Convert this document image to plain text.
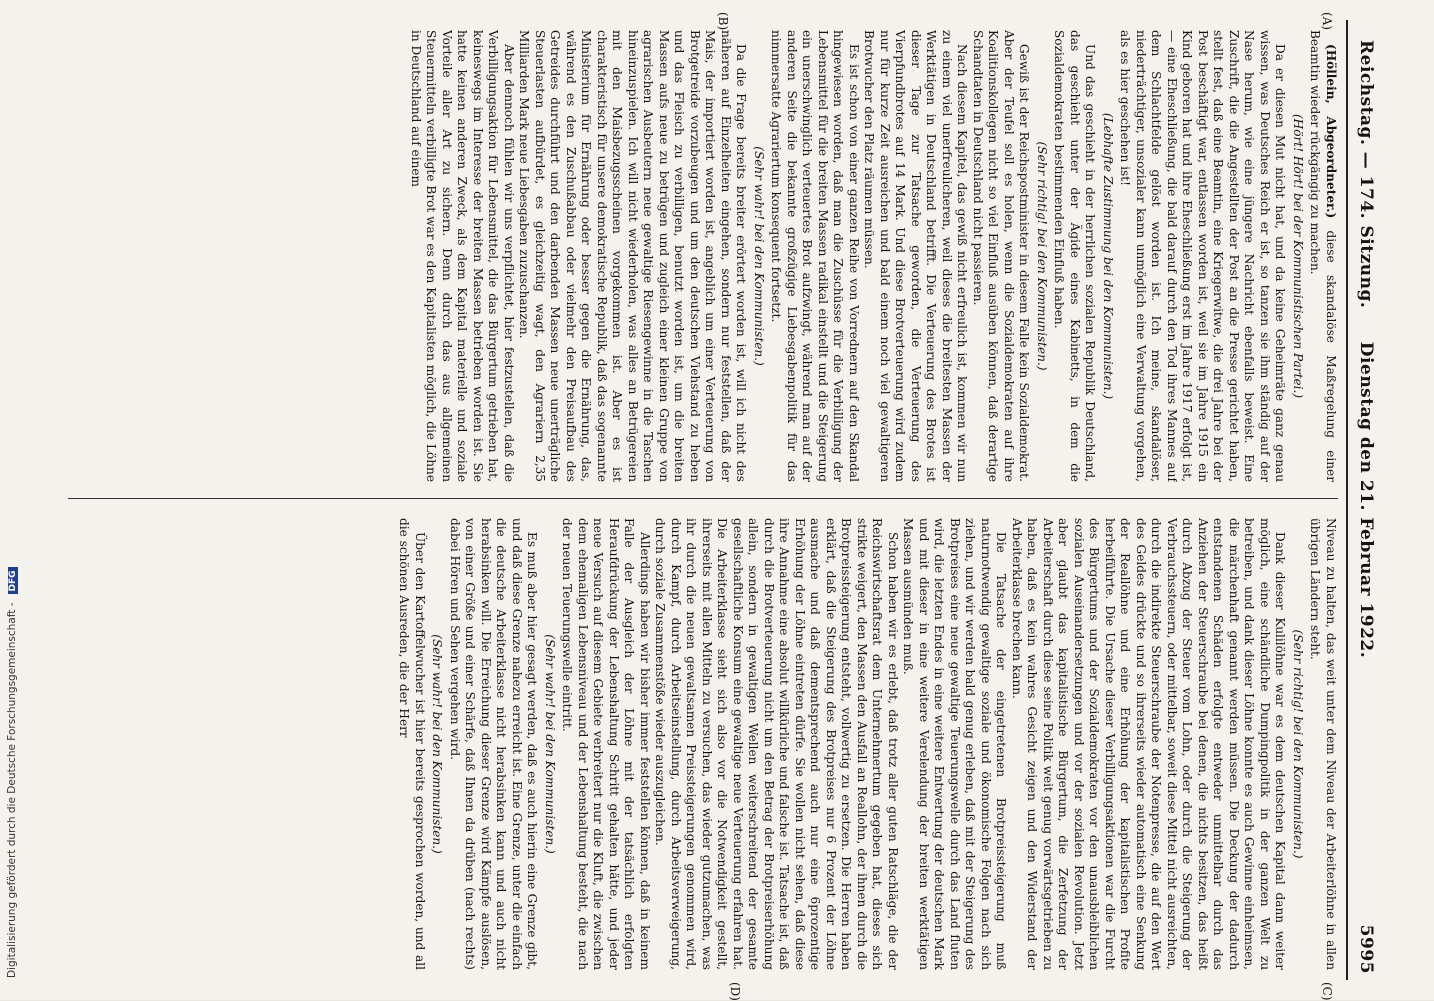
Reichstag. — 174. Sitzung.
Dienstag den 21. Februar 1922.
5995
(A)
(B)
(C)
(D)

(Höllein, Abgeordneter.) diese skandalöse Maßregelung einer Beamtin wieder rückgängig zu machen.

(Hört! Hört! bei der Kommunistischen Partei.)

Da er diesen Mut nicht hat, und da keine Geheimräte ganz genau wissen, was Deutsches Reich er ist, so tanzen sie ihm ständig auf der Nase herum, wie eine jüngere Nachricht ebenfalls beweist. Eine Zuschrift, die die Angestellten der Post an die Presse gerichtet haben, stellt fest, daß eine Beamtin, eine Kriegerwitwe, die drei Jahre bei der Post beschäftigt war, entlassen worden ist, weil sie im Jahre 1915 ein Kind geboren hat und ihre Eheschließung erst im Jahre 1917 erfolgt ist, — eine Eheschließung, die bald darauf durch den Tod ihres Mannes auf dem Schlachtfelde gelöst worden ist. Ich meine, skandalöser, niederträchtiger, unsozialer kann unmöglich eine Verwaltung vorgehen, als es hier geschehen ist!

(Lebhafte Zustimmung bei den Kommunisten.)

Und das geschieht in der herrlichen sozialen Republik Deutschland, das geschieht unter der Ägide eines Kabinetts, in dem die Sozialdemokraten bestimmenden Einfluß haben.

(Sehr richtig! bei den Kommunisten.)

Gewiß ist der Reichspostminister in diesem Falle kein Sozialdemokrat. Aber der Teufel soll es holen, wenn die Sozialdemokraten auf ihre Koalitionskollegen nicht so viel Einfluß ausüben können, daß derartige Schandtaten in Deutschland nicht passieren.

Nach diesem Kapitel, das gewiß nicht erfreulich ist, kommen wir nun zu einem viel unerfreulicheren, weil dieses die breitesten Massen der Werktätigen in Deutschland betrifft. Die Verteuerung des Brotes ist dieser Tage zur Tatsache geworden, die Verteuerung des Vierpfundbrotes auf 14 Mark. Und diese Brotverteuerung wird zudem nur für kurze Zeit ausreichen und bald einem noch viel gewaltigeren Brotwucher den Platz räumen müssen.

Es ist schon von einer ganzen Reihe von Vorrednern auf den Skandal hingewiesen worden, daß man die Zuschüsse für die Verbilligung der Lebensmittel für die breiten Massen radikal einstellt und die Steigerung ein unerschwinglich verteuertes Brot aufzwingt, während man auf der anderen Seite die bekannte großzügige Liebesgabenpolitik für das nimmersatte Agrariertum konsequent fortsetzt.

(Sehr wahr! bei den Kommunisten.)

Da die Frage bereits breiter erörtert worden ist, will ich nicht des näheren auf Einzelheiten eingehen, sondern nur feststellen, daß der Mais, der importiert worden ist, angeblich um einer Verteuerung von Brotgetreide vorzubeugen und um den deutschen Viehstand zu heben und das Fleisch zu verbilligen, benutzt worden ist, um die breiten Massen aufs neue zu betrügen und zugleich einer kleinen Gruppe von agrarischen Ausbeutern neue gewaltige Riesengewinne in die Taschen hineinzuspielen. Ich will nicht wiederholen, was alles an Betrügereien mit den Maisbezugsscheinen vorgekommen ist. Aber es ist charakteristisch für unsere demokratische Republik, daß das sogenannte Ministerium für Ernährung oder besser gegen die Ernährung, das, während es den Zuschußabbau oder vielmehr den Preisaufbau des Getreides durchführt und den darbenden Massen neue unerträgliche Steuerlasten aufbürdet, es gleichzeitig wagt, den Agrariern 2,35 Milliarden Mark neue Liebesgaben zuzuschanzen.

Aber dennoch fühlen wir uns verpflichtet, hier festzustellen, daß die Verbilligungsaktion für Lebensmittel, die das Bürgertum getrieben hat, keineswegs im Interesse der breiten Massen betrieben worden ist. Sie hatte keinen anderen Zweck, als dem Kapital materielle und soziale Vorteile aller Art zu sichern. Denn durch das aus allgemeinen Steuermitteln verbilligte Brot war es den Kapitalisten möglich, die Löhne in Deutschland auf einem

Niveau zu halten, das weit unter dem Niveau der Arbeiterlöhne in allen übrigen Ländern steht.

(Sehr richtig! bei den Kommunisten.)

Dank dieser Kulilöhne war es dem deutschen Kapital dann weiter möglich, eine schändliche Dumpingpolitik in der ganzen Welt zu betreiben, und dank dieser Löhne konnte es auch Gewinne einheimsen, die märchenhaft genannt werden müssen. Die Deckung der dadurch entstandenen Schäden erfolgte entweder unmittelbar durch das Anziehen der Steuerschraube bei denen, die nichts besitzen, das heißt durch Abzug der Steuer vom Lohn, oder durch die Steigerung der Verbrauchssteuern, oder mittelbar, soweit diese Mittel nicht ausreichten, durch die indirekte Steuerschraube der Notenpresse, die auf den Wert des Geldes drückte und so ihrerseits wieder automatisch eine Senkung der Reallöhne und eine Erhöhung der kapitalistischen Profite herbeiführte. Die Ursache dieser Verbilligungsaktionen war die Furcht des Bürgertums und der Sozialdemokraten vor den unausbleiblichen sozialen Auseinandersetzungen und vor der sozialen Revolution. Jetzt aber glaubt das kapitalistische Bürgertum, die Zerfetzung der Arbeiterschaft durch diese seine Politik weit genug vorwärtsgetrieben zu haben, daß es kein wahres Gesicht zeigen und den Widerstand der Arbeiterklasse brechen kann.

Die Tatsache der eingetretenen Brotpreissteigerung muß naturnotwendig gewaltige soziale und ökonomische Folgen nach sich ziehen, und wir werden bald genug erleben, daß mit der Steigerung des Brotpreises eine neue gewaltige Teuerungswelle durch das Land fluten wird, die letzten Endes in eine weitere Entwertung der deutschen Mark und mit dieser in eine weitere Verelendung der breiten werktätigen Massen ausmünden muß.

Schon haben wir es erlebt, daß trotz aller guten Ratschläge, die der Reichswirtschaftsrat dem Unternehmertum gegeben hat, dieses sich strikte weigert, den Massen den Ausfall an Reallohn, der ihnen durch die Brotpreissteigerung entsteht, vollwertig zu ersetzen. Die Herren haben erklärt, daß die Steigerung des Brotpreises nur 6 Prozent der Löhne ausmache und daß dementsprechend auch nur eine 6prozentige Erhöhung der Löhne eintreten dürfe. Sie wollen nicht sehen, daß diese ihre Annahme eine absolut willkürliche und falsche ist. Tatsache ist, daß durch die Brotverteuerung nicht um den Betrag der Brotpreiserhöhung allein, sondern in gewaltigen Wellen weiterschreitend der gesamte gesellschaftliche Konsum eine gewaltige neue Verteuerung erfahren hat. Die Arbeiterklasse sieht sich also vor die Notwendigkeit gestellt, ihrerseits mit allen Mitteln zu versuchen, das wieder gutzumachen, was ihr durch die neuen gewaltsamen Preissteigerungen genommen wird, durch Kampf, durch Arbeitseinstellung, durch Arbeitsverweigerung, durch soziale Zusammenstöße wieder auszugleichen.

Allerdings haben wir bisher immer feststellen können, daß in keinem Falle der Ausgleich der Löhne mit der tatsächlich erfolgten Heraufdrückung der Lebenshaltung Schritt gehalten hätte, und jeder neue Versuch auf diesem Gebiete verbreitert nur die Kluft, die zwischen dem ehemaligen Lebensniveau und der Lebenshaltung besteht, die nach der neuen Teuerungswelle eintritt.

(Sehr wahr! bei den Kommunisten.)

Es muß aber hier gesagt werden, daß es auch hierin eine Grenze gibt, und daß diese Grenze nahezu erreicht ist. Eine Grenze, unter die einfach die deutsche Arbeiterklasse nicht herabsinken kann und auch nicht herabsinken will. Die Erreichung dieser Grenze wird Kämpfe auslösen, von einer Größe und einer Schärfe, daß Ihnen da drüben (nach rechts) dabei Hören und Sehen vergehen wird.

(Sehr wahr! bei den Kommunisten.)

Über den Kartoffelwucher ist hier bereits gesprochen worden, und all die schönen Ausreden, die der Herr

Digitalisierung gefördert durch die Deutsche Forschungsgemeinschaft -DFG
